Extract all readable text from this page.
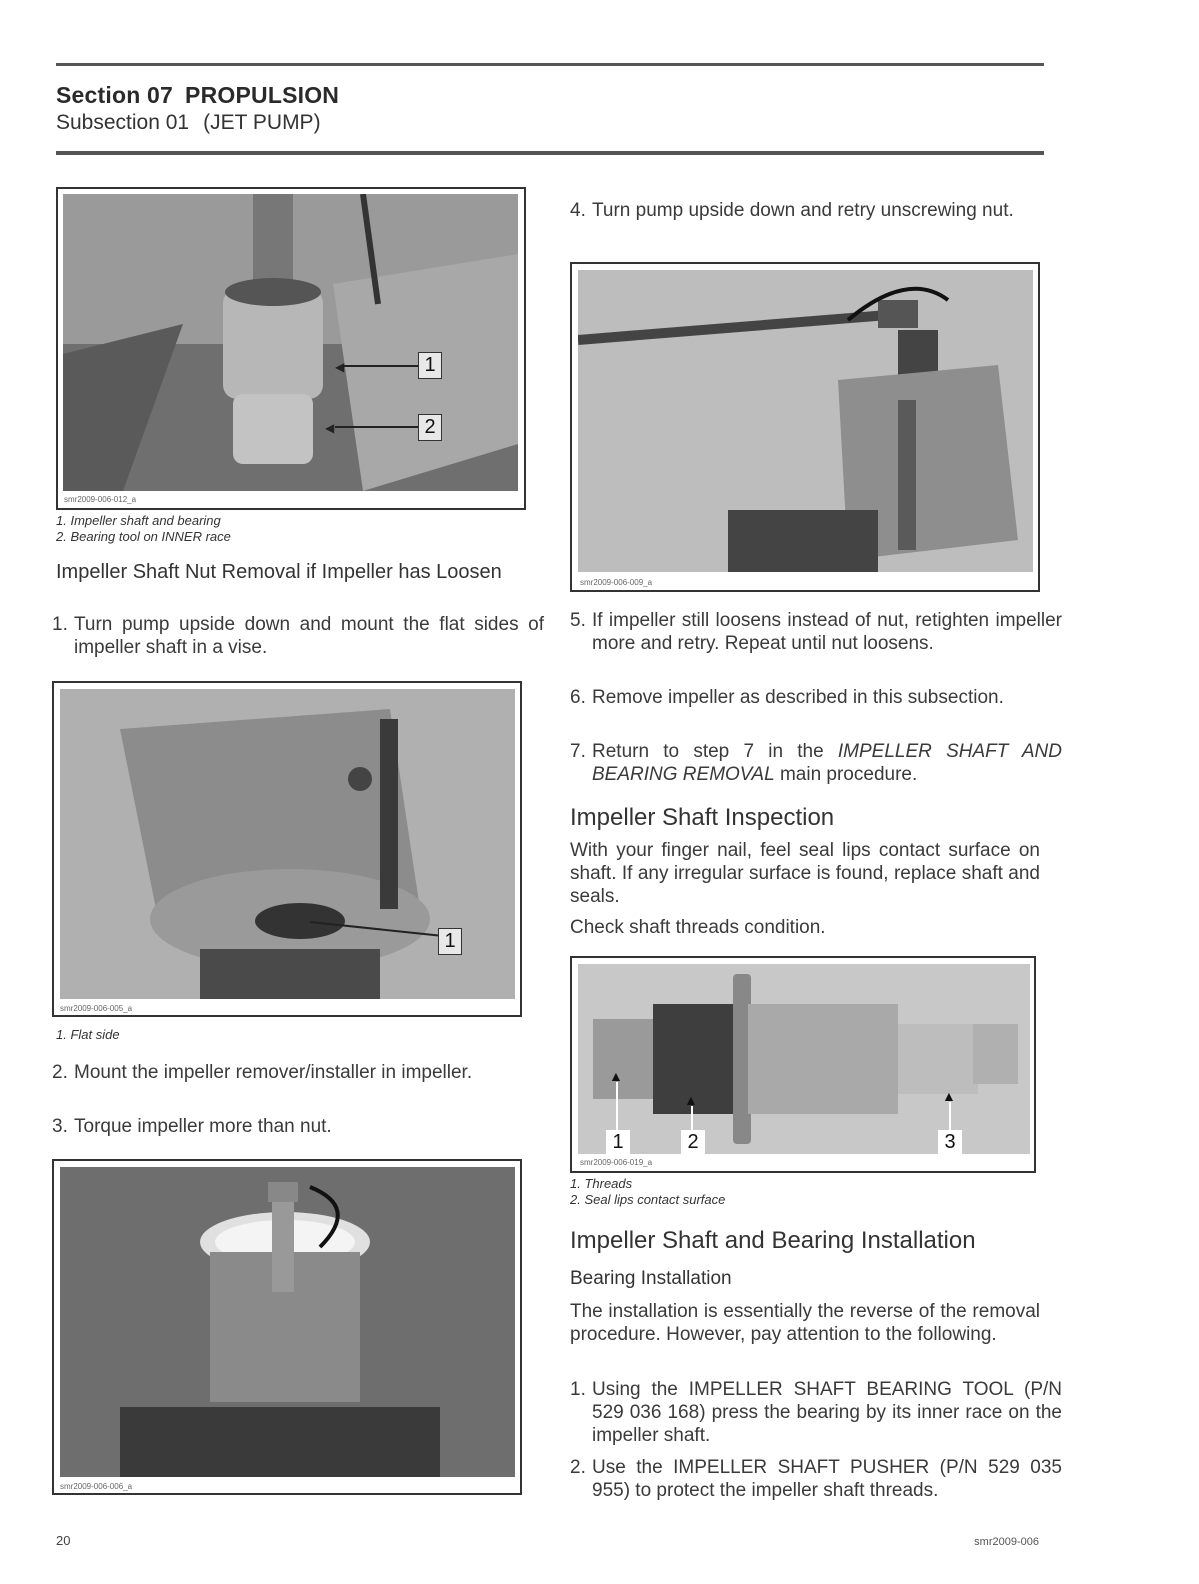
Section 07 PROPULSION
Subsection 01 (JET PUMP)
◀
◀
1
2
smr2009-006-012_a
1. Impeller shaft and bearing
2. Bearing tool on INNER race
Impeller Shaft Nut Removal if Impeller has Loosen
1. Turn pump upside down and mount the flat sides of impeller shaft in a vise.
1
smr2009-006-005_a
1. Flat side
2. Mount the impeller remover/installer in impeller.
3. Torque impeller more than nut.
smr2009-006-006_a
4. Turn pump upside down and retry unscrewing nut.
smr2009-006-009_a
5. If impeller still loosens instead of nut, retighten impeller more and retry. Repeat until nut loosens.
6. Remove impeller as described in this subsection.
7. Return to step 7 in the IMPELLER SHAFT AND BEARING REMOVAL main procedure.
Impeller Shaft Inspection
With your finger nail, feel seal lips contact surface on shaft. If any irregular surface is found, replace shaft and seals.
Check shaft threads condition.
▲
▲	▲
1	2	3
smr2009-006-019_a
1. Threads
2. Seal lips contact surface
Impeller Shaft and Bearing Installation
Bearing Installation
The installation is essentially the reverse of the removal procedure. However, pay attention to the following.
1. Using the IMPELLER SHAFT BEARING TOOL (P/N 529 036 168) press the bearing by its inner race on the impeller shaft.
2. Use the IMPELLER SHAFT PUSHER (P/N 529 035 955) to protect the impeller shaft threads.
20	smr2009-006
